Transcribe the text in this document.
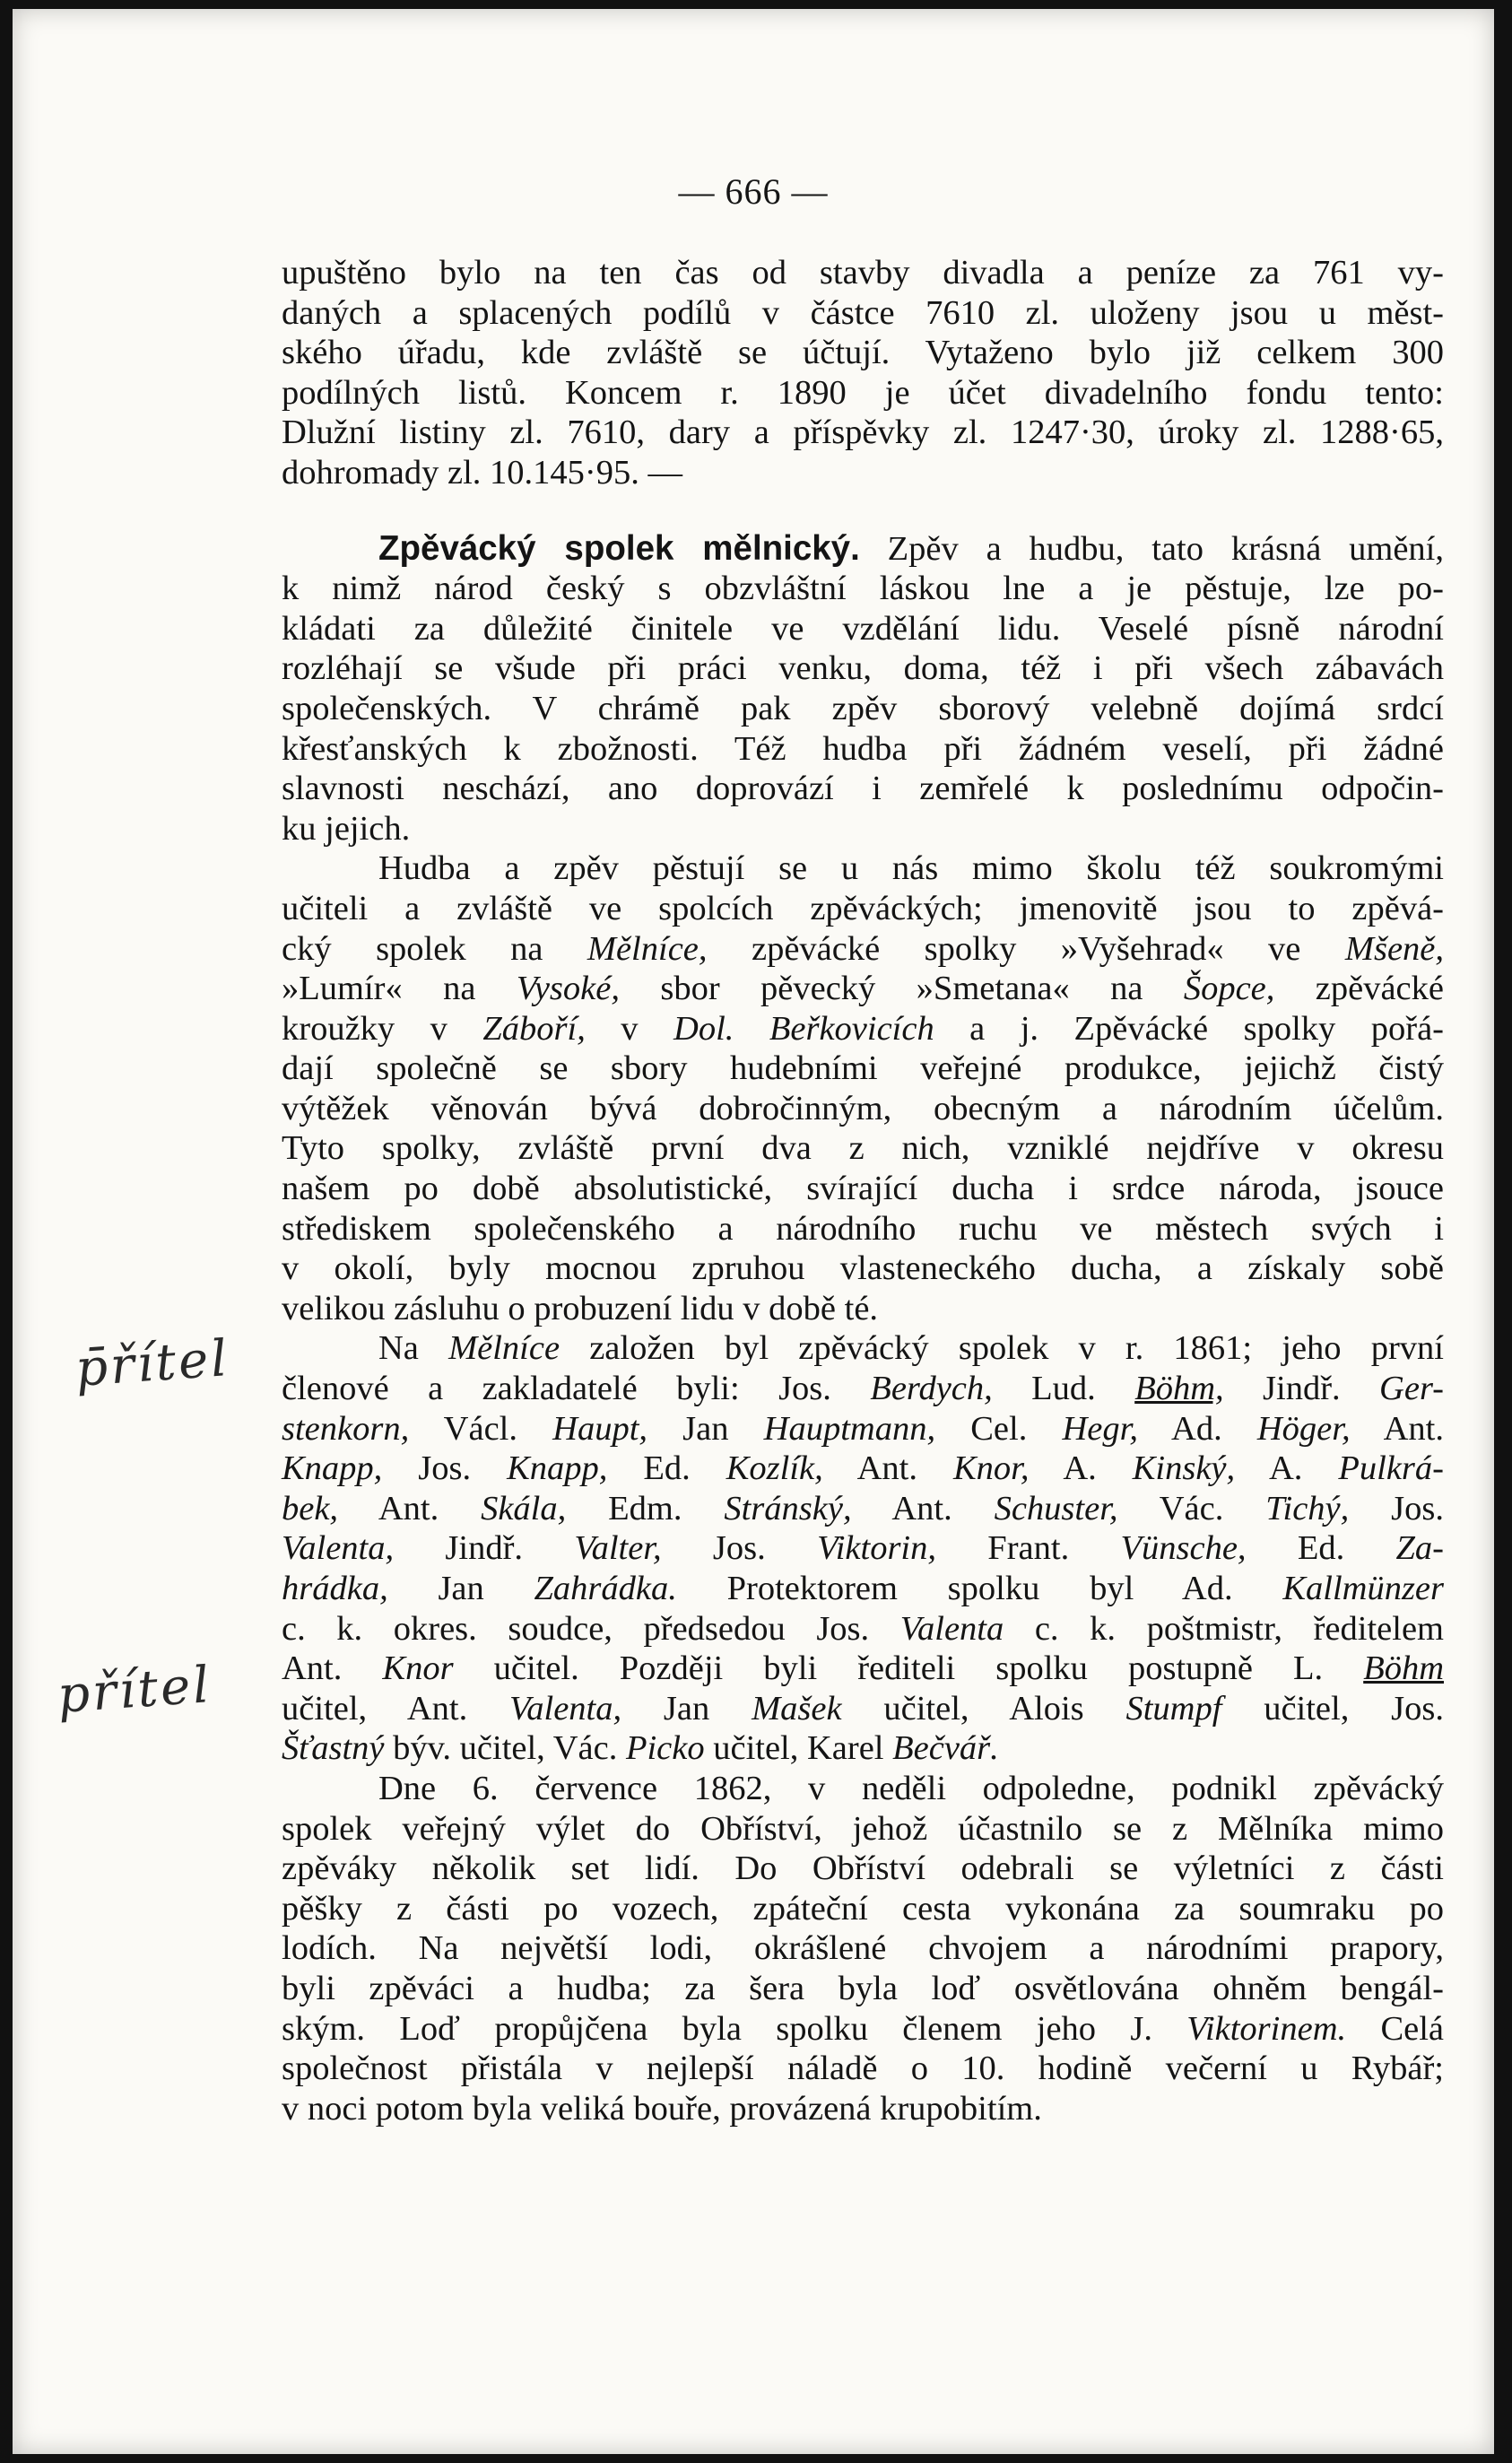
— 666 —
p̄řítel
přítel
upuštěno bylo na ten čas od stavby divadla a peníze za 761 vy-
daných a splacených podílů v částce 7610 zl. uloženy jsou u měst-
ského úřadu, kde zvláště se účtují. Vytaženo bylo již celkem 300
podílných listů. Koncem r. 1890 je účet divadelního fondu tento:
Dlužní listiny zl. 7610, dary a příspěvky zl. 1247·30, úroky zl. 1288·65,
dohromady zl. 10.145·95. —
Zpěvácký spolek mělnický. Zpěv a hudbu, tato krásná umění,
k nimž národ český s obzvláštní láskou lne a je pěstuje, lze po-
kládati za důležité činitele ve vzdělání lidu. Veselé písně národní
rozléhají se všude při práci venku, doma, též i při všech zábavách
společenských. V chrámě pak zpěv sborový velebně dojímá srdcí
křesťanských k zbožnosti. Též hudba při žádném veselí, při žádné
slavnosti neschází, ano doprovází i zemřelé k poslednímu odpočin-
ku jejich.
Hudba a zpěv pěstují se u nás mimo školu též soukromými
učiteli a zvláště ve spolcích zpěváckých; jmenovitě jsou to zpěvá-
cký spolek na Mělníce, zpěvácké spolky »Vyšehrad« ve Mšeně,
»Lumír« na Vysoké, sbor pěvecký »Smetana« na Šopce, zpěvácké
kroužky v Záboří, v Dol. Beřkovicích a j. Zpěvácké spolky pořá-
dají společně se sbory hudebními veřejné produkce, jejichž čistý
výtěžek věnován bývá dobročinným, obecným a národním účelům.
Tyto spolky, zvláště první dva z nich, vzniklé nejdříve v okresu
našem po době absolutistické, svírající ducha i srdce národa, jsouce
střediskem společenského a národního ruchu ve městech svých i
v okolí, byly mocnou zpruhou vlasteneckého ducha, a získaly sobě
velikou zásluhu o probuzení lidu v době té.
Na Mělníce založen byl zpěvácký spolek v r. 1861; jeho první
členové a zakladatelé byli: Jos. Berdych, Lud. Böhm, Jindř. Ger-
stenkorn, Václ. Haupt, Jan Hauptmann, Cel. Hegr, Ad. Höger, Ant.
Knapp, Jos. Knapp, Ed. Kozlík, Ant. Knor, A. Kinský, A. Pulkrá-
bek, Ant. Skála, Edm. Stránský, Ant. Schuster, Vác. Tichý, Jos.
Valenta, Jindř. Valter, Jos. Viktorin, Frant. Vünsche, Ed. Za-
hrádka, Jan Zahrádka. Protektorem spolku byl Ad. Kallmünzer
c. k. okres. soudce, předsedou Jos. Valenta c. k. poštmistr, ředitelem
Ant. Knor učitel. Později byli řediteli spolku postupně L. Böhm
učitel, Ant. Valenta, Jan Mašek učitel, Alois Stumpf učitel, Jos.
Šťastný býv. učitel, Vác. Picko učitel, Karel Bečvář.
Dne 6. července 1862, v neděli odpoledne, podnikl zpěvácký
spolek veřejný výlet do Obříství, jehož účastnilo se z Mělníka mimo
zpěváky několik set lidí. Do Obříství odebrali se výletníci z části
pěšky z části po vozech, zpáteční cesta vykonána za soumraku po
lodích. Na největší lodi, okrášlené chvojem a národními prapory,
byli zpěváci a hudba; za šera byla loď osvětlována ohněm bengál-
ským. Loď propůjčena byla spolku členem jeho J. Viktorinem. Celá
společnost přistála v nejlepší náladě o 10. hodině večerní u Rybář;
v noci potom byla veliká bouře, provázená krupobitím.
